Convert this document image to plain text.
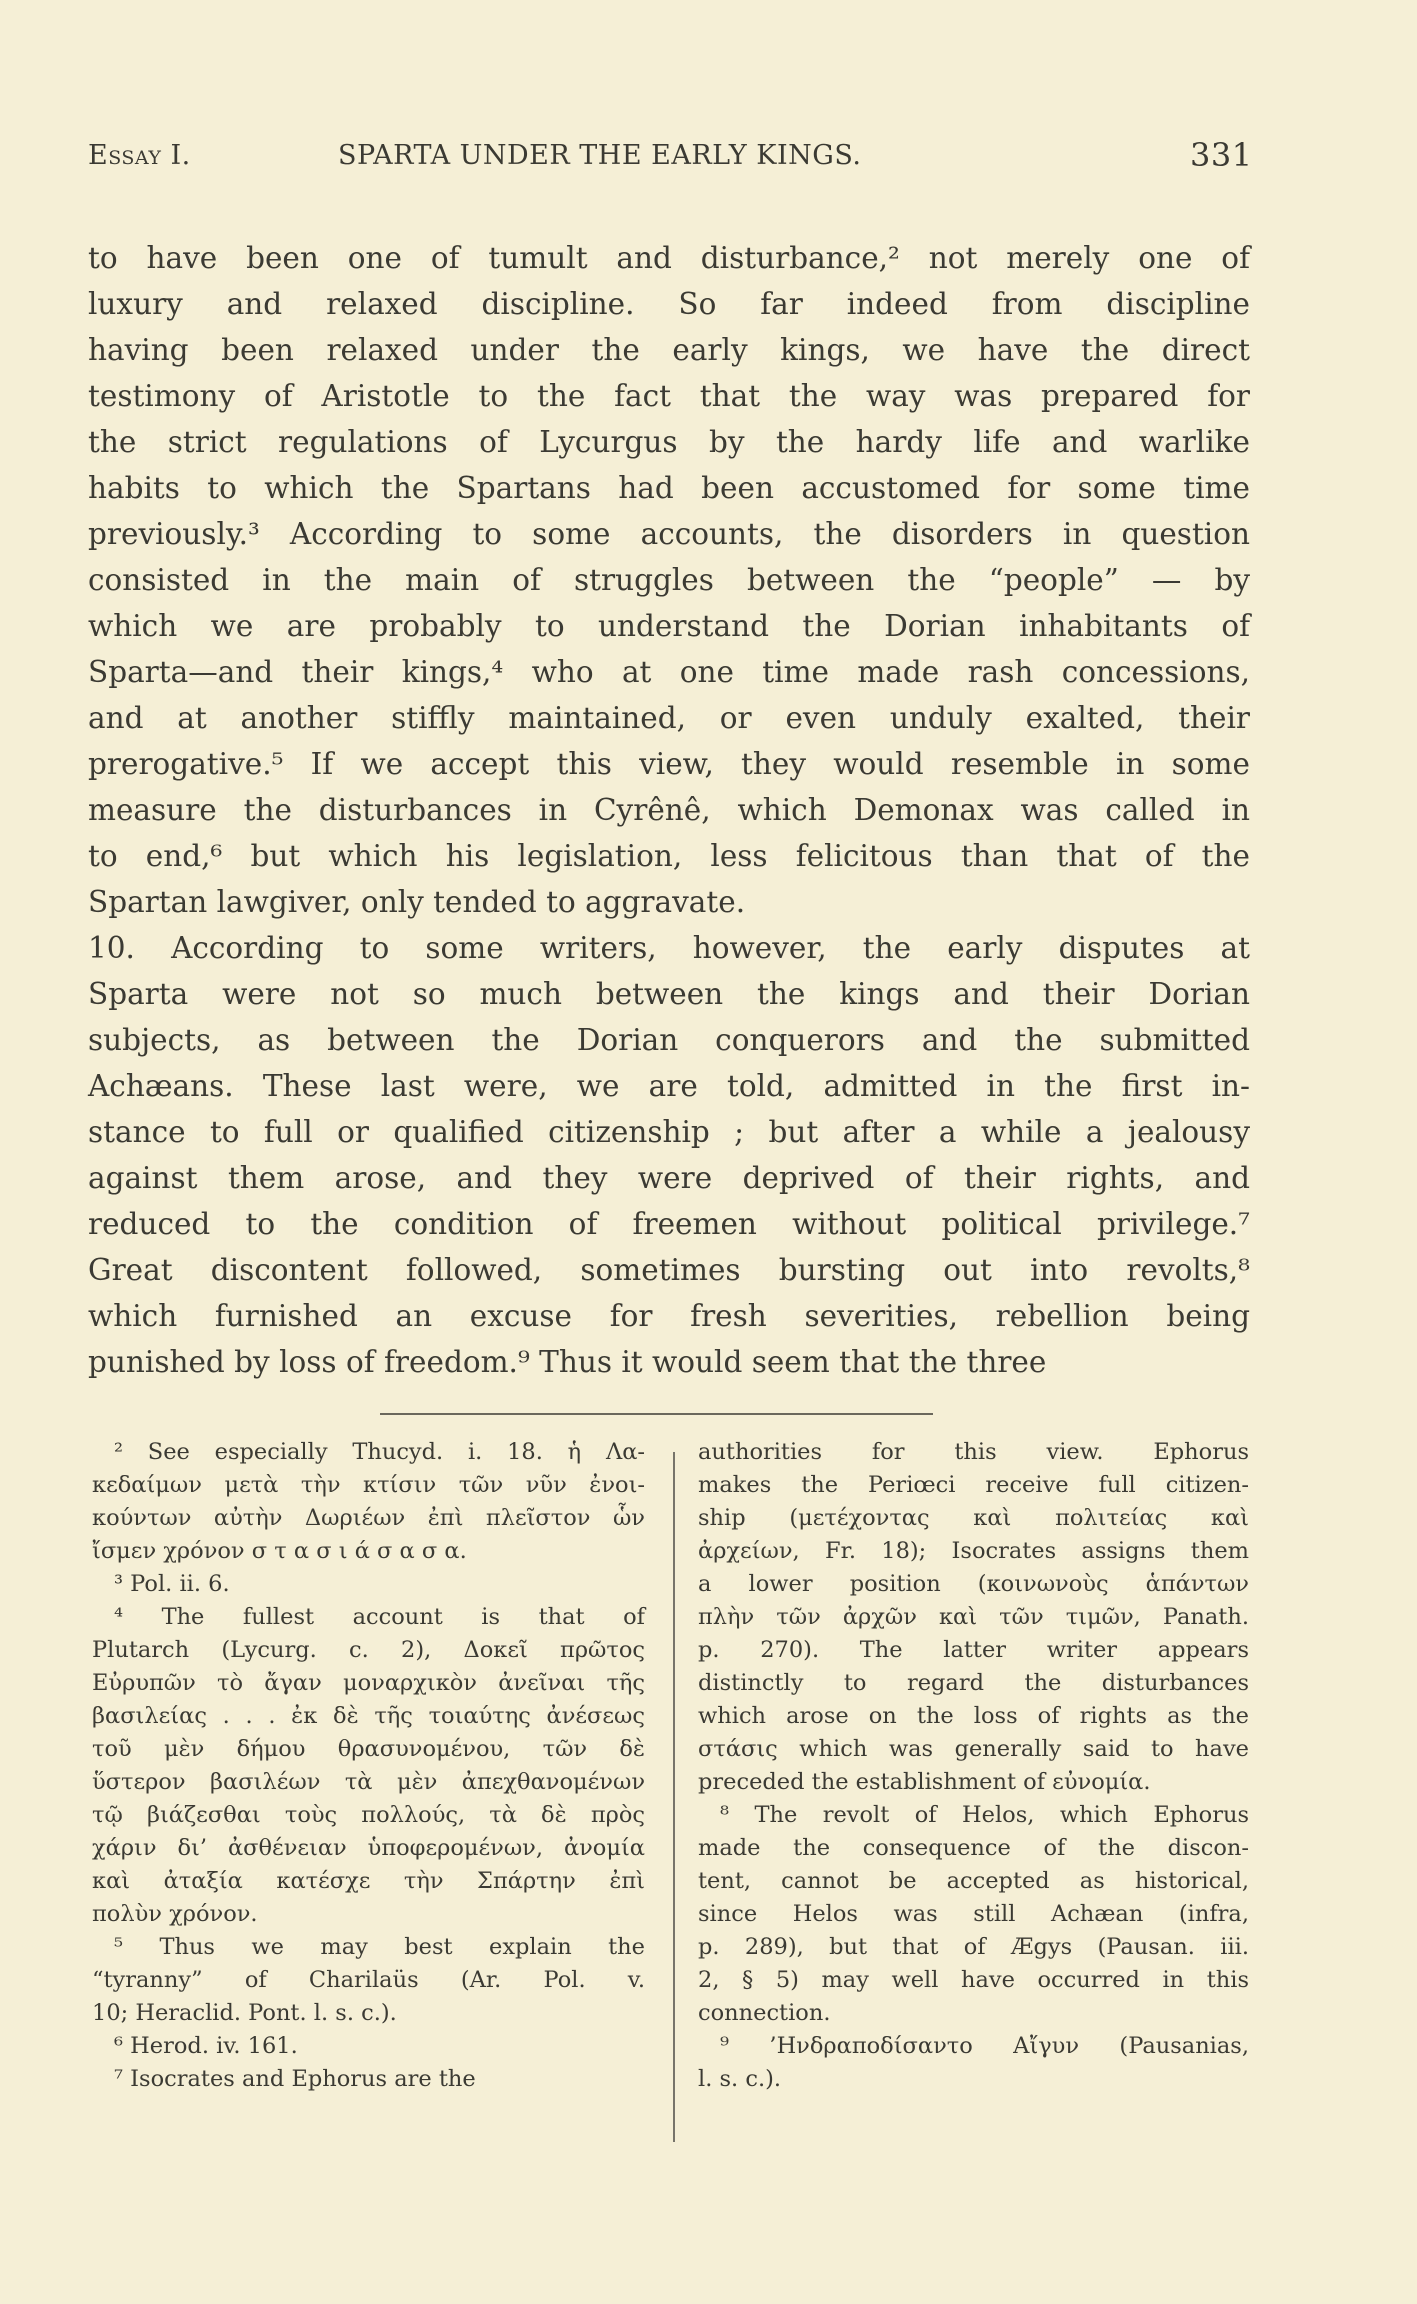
Essay I.	SPARTA UNDER THE EARLY KINGS.	331
to have been one of tumult and disturbance,² not merely one of
luxury and relaxed discipline. So far indeed from discipline
having been relaxed under the early kings, we have the direct
testimony of Aristotle to the fact that the way was prepared for
the strict regulations of Lycurgus by the hardy life and warlike
habits to which the Spartans had been accustomed for some time
previously.³ According to some accounts, the disorders in question
consisted in the main of struggles between the “people” — by
which we are probably to understand the Dorian inhabitants of
Sparta—and their kings,⁴ who at one time made rash concessions,
and at another stiffly maintained, or even unduly exalted, their
prerogative.⁵ If we accept this view, they would resemble in some
measure the disturbances in Cyrênê, which Demonax was called in
to end,⁶ but which his legislation, less felicitous than that of the
Spartan lawgiver, only tended to aggravate.
10. According to some writers, however, the early disputes at
Sparta were not so much between the kings and their Dorian
subjects, as between the Dorian conquerors and the submitted
Achæans. These last were, we are told, admitted in the first in-
stance to full or qualified citizenship ; but after a while a jealousy
against them arose, and they were deprived of their rights, and
reduced to the condition of freemen without political privilege.⁷
Great discontent followed, sometimes bursting out into revolts,⁸
which furnished an excuse for fresh severities, rebellion being
punished by loss of freedom.⁹ Thus it would seem that the three
² See especially Thucyd. i. 18. ἡ Λα-
κεδαίμων μετὰ τὴν κτίσιν τῶν νῦν ἐνοι-
κούντων αὐτὴν Δωριέων ἐπὶ πλεῖστον ὧν
ἴσμεν χρόνον σ τ α σ ι ά σ α σ α.
³ Pol. ii. 6.
⁴ The fullest account is that of
Plutarch (Lycurg. c. 2), Δοκεῖ πρῶτος
Εὐρυπῶν τὸ ἄγαν μοναρχικὸν ἀνεῖναι τῆς
βασιλείας . . . ἐκ δὲ τῆς τοιαύτης ἀνέσεως
τοῦ μὲν δήμου θρασυνομένου, τῶν δὲ
ὕστερον βασιλέων τὰ μὲν ἀπεχθανομένων
τῷ βιάζεσθαι τοὺς πολλούς, τὰ δὲ πρὸς
χάριν δι’ ἀσθένειαν ὑποφερομένων, ἀνομία
καὶ ἀταξία κατέσχε τὴν Σπάρτην ἐπὶ
πολὺν χρόνον.
⁵ Thus we may best explain the
“tyranny” of Charilaüs (Ar. Pol. v.
10; Heraclid. Pont. l. s. c.).
⁶ Herod. iv. 161.
⁷ Isocrates and Ephorus are the
authorities for this view. Ephorus
makes the Periœci receive full citizen-
ship (μετέχοντας καὶ πολιτείας καὶ
ἀρχείων, Fr. 18); Isocrates assigns them
a lower position (κοινωνοὺς ἁπάντων
πλὴν τῶν ἀρχῶν καὶ τῶν τιμῶν, Panath.
p. 270). The latter writer appears
distinctly to regard the disturbances
which arose on the loss of rights as the
στάσις which was generally said to have
preceded the establishment of εὐνομία.
⁸ The revolt of Helos, which Ephorus
made the consequence of the discon-
tent, cannot be accepted as historical,
since Helos was still Achæan (infra,
p. 289), but that of Ægys (Pausan. iii.
2, § 5) may well have occurred in this
connection.
⁹ ’Ηνδραποδίσαντο Αἴγυν (Pausanias,
l. s. c.).
